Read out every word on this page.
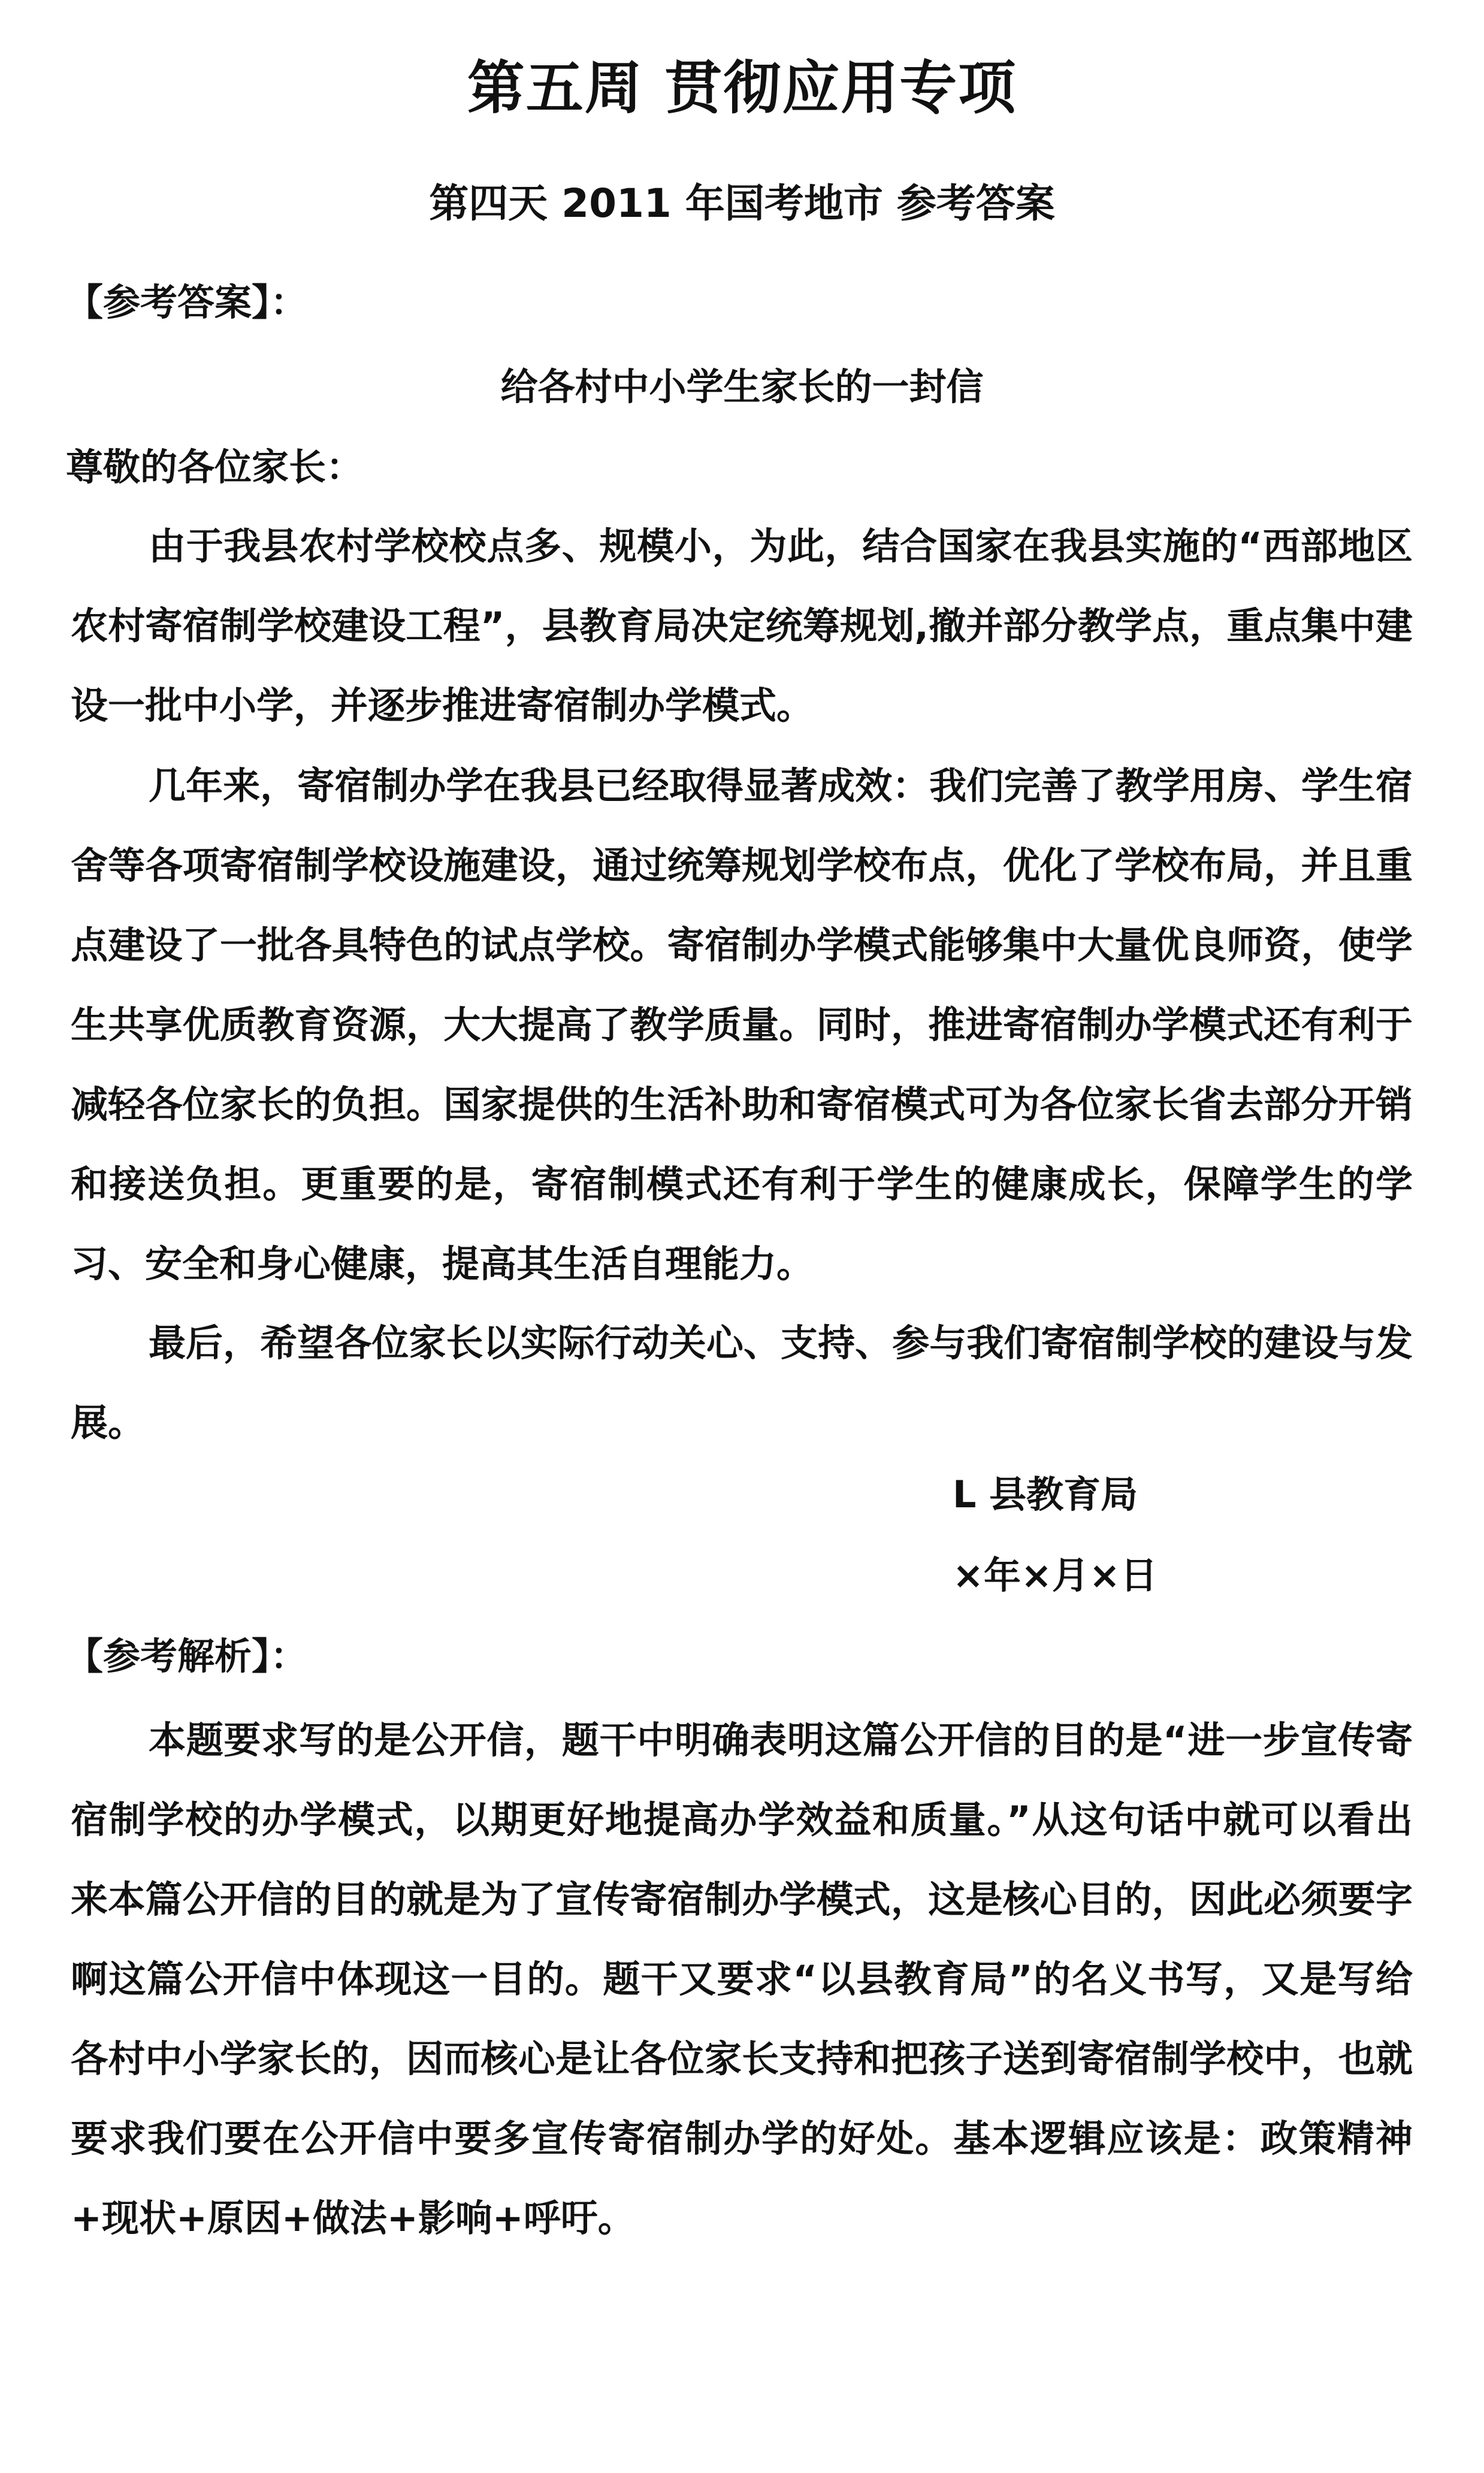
第五周 贯彻应用专项
第四天 2011 年国考地市 参考答案
【参考答案】：
给各村中小学生家长的一封信
尊敬的各位家长：
由于我县农村学校校点多、规模小，为此，结合国家在我县实施的“西部地区农村寄宿制学校建设工程”，县教育局决定统筹规划,撤并部分教学点，重点集中建设一批中小学，并逐步推进寄宿制办学模式。
几年来，寄宿制办学在我县已经取得显著成效：我们完善了教学用房、学生宿舍等各项寄宿制学校设施建设，通过统筹规划学校布点，优化了学校布局，并且重点建设了一批各具特色的试点学校。寄宿制办学模式能够集中大量优良师资，使学生共享优质教育资源，大大提高了教学质量。同时，推进寄宿制办学模式还有利于减轻各位家长的负担。国家提供的生活补助和寄宿模式可为各位家长省去部分开销和接送负担。更重要的是，寄宿制模式还有利于学生的健康成长，保障学生的学习、安全和身心健康，提高其生活自理能力。
最后，希望各位家长以实际行动关心、支持、参与我们寄宿制学校的建设与发展。
L 县教育局
×年×月×日
【参考解析】：
本题要求写的是公开信，题干中明确表明这篇公开信的目的是“进一步宣传寄宿制学校的办学模式，以期更好地提高办学效益和质量。”从这句话中就可以看出来本篇公开信的目的就是为了宣传寄宿制办学模式，这是核心目的，因此必须要字啊这篇公开信中体现这一目的。题干又要求“以县教育局”的名义书写，又是写给各村中小学家长的，因而核心是让各位家长支持和把孩子送到寄宿制学校中，也就要求我们要在公开信中要多宣传寄宿制办学的好处。基本逻辑应该是：政策精神+现状+原因+做法+影响+呼吁。
